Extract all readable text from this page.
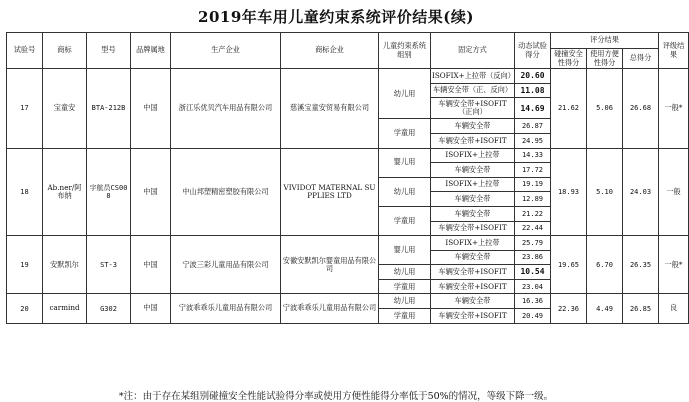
2019年车用儿童约束系统评价结果(续)
试验号	商标	型号	品牌属地	生产企业	商标企业	儿童约束系统组别	固定方式	动态试验得分	评分结果			评级结果
									碰撞安全性得分	使用方便性得分	总得分	
17	宝童安	BTA-212B	中国	浙江乐优贝汽车用品有限公司	慈溪宝童安贸易有限公司	幼儿用	ISOFIX+上拉带（反向）	20.60	21.62	5.06	26.68	一般*
							车辆安全带（正、反向）	11.08				
							车辆安全带+ISOFIT（正向）	14.69				
						学童用	车辆安全带	26.87				
							车辆安全带+ISOFIT	24.95				
18	Ab.ner/阿布纳	宇航员CS008	中国	中山邦塑精密塑胶有限公司	VIVIDOT MATERNAL SUPPLIES LTD	婴儿用	ISOFIX+上拉带	14.33	18.93	5.10	24.03	一般
							车辆安全带	17.72				
						幼儿用	ISOFIX+上拉带	19.19				
							车辆安全带	12.89				
						学童用	车辆安全带	21.22				
							车辆安全带+ISOFIT	22.44				
19	安默凯尔	ST-3	中国	宁波三彩儿童用品有限公司	安徽安默凯尔婴童用品有限公司	婴儿用	ISOFIX+上拉带	25.79	19.65	6.70	26.35	一般*
							车辆安全带	23.86				
						幼儿用	车辆安全带+ISOFIT	10.54				
						学童用	车辆安全带+ISOFIT	23.04				
20	carmind	G302	中国	宁波乖乖乐儿童用品有限公司	宁波乖乖乐儿童用品有限公司	幼儿用	车辆安全带	16.36	22.36	4.49	26.85	良
						学童用	车辆安全带+ISOFIT	20.49				
*注：由于存在某组别碰撞安全性能试验得分率或使用方便性能得分率低于50%的情况，等级下降一级。
